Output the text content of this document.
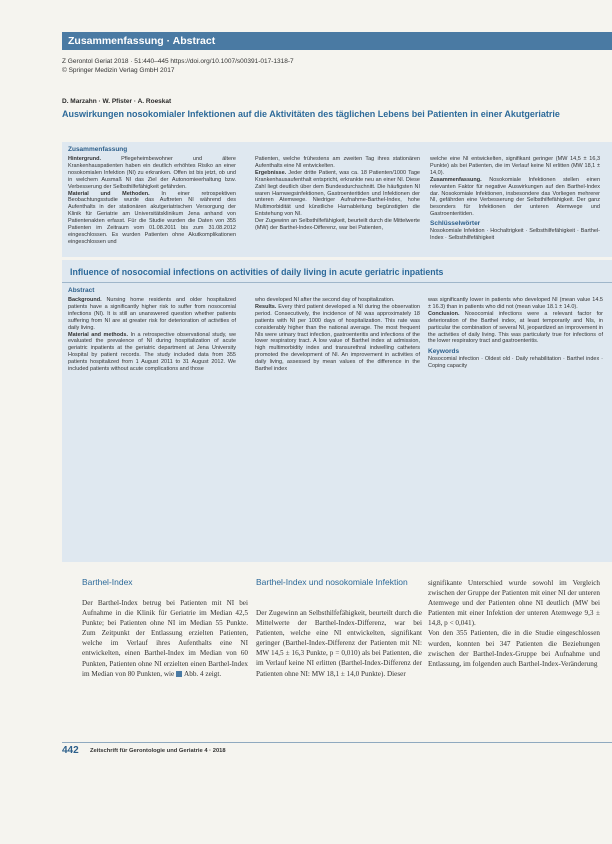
Zusammenfassung · Abstract
Z Gerontol Geriat 2018 · 51:440–445 https://doi.org/10.1007/s00391-017-1318-7
© Springer Medizin Verlag GmbH 2017
D. Marzahn · W. Pfister · A. Roeskat
Auswirkungen nosokomialer Infektionen auf die Aktivitäten des täglichen Lebens bei Patienten in einer Akutgeriatrie
Zusammenfassung
Hintergrund. Pflegeheimbewohner und ältere Krankenhauspatienten haben ein deutlich erhöhtes Risiko an einer nosokomialen Infektion (NI) zu erkranken. Offen ist bis jetzt, ob und in welchem Ausmaß NI das Ziel der Autonomieerhaltung bzw. Verbesserung der Selbsthilfefähigkeit gefährden.
Material und Methoden. In einer retrospektiven Beobachtungsstudie wurde das Auftreten NI während des Aufenthalts in der stationären akutgeriatrischen Versorgung der Klinik für Geriatrie am Universitätsklinikum Jena anhand von Patientenakten erfasst. Für die Studie wurden die Daten von 355 Patienten im Zeitraum vom 01.08.2011 bis zum 31.08.2012 eingeschlossen. Es wurden Patienten ohne Akutkomplikationen eingeschlossen und
Patienten, welche frühestens am zweiten Tag ihres stationären Aufenthalts eine NI entwickelten.
Ergebnisse. Jeder dritte Patient, was ca. 18 Patienten/1000 Tage Krankenhausaufenthalt entspricht, erkrankte neu an einer NI. Diese Zahl liegt deutlich über dem Bundesdurchschnitt. Die häufigsten NI waren Harnwegsinfektionen, Gastroenteritiden und Infektionen der unteren Atemwege. Niedriger Aufnahme-Barthel-Index, hohe Multimorbidität und künstliche Harnableitung begünstigten die Entstehung von NI.
Der Zugewinn an Selbsthilfefähigkeit, beurteilt durch die Mittelwerte (MW) der Barthel-Index-Differenz, war bei Patienten,
welche eine NI entwickelten, signifikant geringer (MW 14,5 ± 16,3 Punkte) als bei Patienten, die im Verlauf keine NI erlitten (MW 18,1 ± 14,0).
Zusammenfassung. Nosokomiale Infektionen stellen einen relevanten Faktor für negative Auswirkungen auf den Barthel-Index dar. Nosokomiale Infektionen, insbesondere das Vorliegen mehrerer NI, gefährden eine Verbesserung der Selbsthilfefähigkeit. Der ganz besonders für Infektionen der unteren Atemwege und Gastroenteritiden.
Schlüsselwörter
Nosokomiale Infektion · Hochaltrigkeit · Selbsthilfefähigkeit · Barthel-Index · Selbsthilfefähigkeit
Influence of nosocomial infections on activities of daily living in acute geriatric inpatients
Abstract
Background. Nursing home residents and older hospitalized patients have a significantly higher risk to suffer from nosocomial infections (NI). It is still an unanswered question whether patients suffering from NI are at greater risk for deterioration of activities of daily living.
Material and methods. In a retrospective observational study, we evaluated the prevalence of NI during hospitalization of acute geriatric inpatients at the geriatric department at Jena University Hospital by patient records. The study included data from 355 patients hospitalized from 1 August 2011 to 31 August 2012. We included patients without acute complications and those
who developed NI after the second day of hospitalization.
Results. Every third patient developed a NI during the observation period. Consecutively, the incidence of NI was approximately 18 patients with NI per 1000 days of hospitalization. This rate was considerably higher than the national average. The most frequent NIs were urinary tract infection, gastroenteritis and infections of the lower respiratory tract. A low value of Barthel index at admission, high multimorbidity index and transurethral indwelling catheters promoted the development of NI. An improvement in activities of daily living, assessed by mean values of the difference in the Barthel index
was significantly lower in patients who developed NI (mean value 14.5 ± 16.3) than in patients who did not (mean value 18.1 ± 14.0).
Conclusion. Nosocomial infections were a relevant factor for deterioration of the Barthel index, at least temporarily and NIs, in particular the combination of several NI, jeopardized an improvement in the activities of daily living. This was particularly true for infections of the lower respiratory tract and gastroenteritis.
Keywords
Nosocomial infection · Oldest old · Daily rehabilitation · Barthel index · Coping capacity
Barthel-Index
Der Barthel-Index betrug bei Patienten mit NI bei Aufnahme in die Klinik für Geriatrie im Median 42,5 Punkte; bei Patienten ohne NI im Median 55 Punkte. Zum Zeitpunkt der Entlassung erzielten Patienten, welche im Verlauf ihres Aufenthalts eine NI entwickelten, einen Barthel-Index im Median von 60 Punkten, Patienten ohne NI erzielten einen Barthel-Index im Median von 80 Punkten, wie Abb. 4 zeigt.
Barthel-Index und nosokomiale Infektion
Der Zugewinn an Selbsthilfefähigkeit, beurteilt durch die Mittelwerte der Barthel-Index-Differenz, war bei Patienten, welche eine NI entwickelten, signifikant geringer (Barthel-Index-Differenz der Patienten mit NI: MW 14,5 ± 16,3 Punkte, p = 0,010) als bei Patienten, die im Verlauf keine NI erlitten (Barthel-Index-Differenz der Patienten ohne NI: MW 18,1 ± 14,0 Punkte). Dieser
signifikante Unterschied wurde sowohl im Vergleich zwischen der Gruppe der Patienten mit einer NI der unteren Atemwege und der Patienten ohne NI deutlich (MW bei Patienten mit einer Infektion der unteren Atemwege 9,3 ± 14,8, p < 0,041).
Von den 355 Patienten, die in die Studie eingeschlossen wurden, konnten bei 347 Patienten die Beziehungen zwischen der Barthel-Index-Gruppe bei Aufnahme und Entlassung, im folgenden auch Barthel-Index-Veränderung
442 Zeitschrift für Gerontologie und Geriatrie 4 · 2018
